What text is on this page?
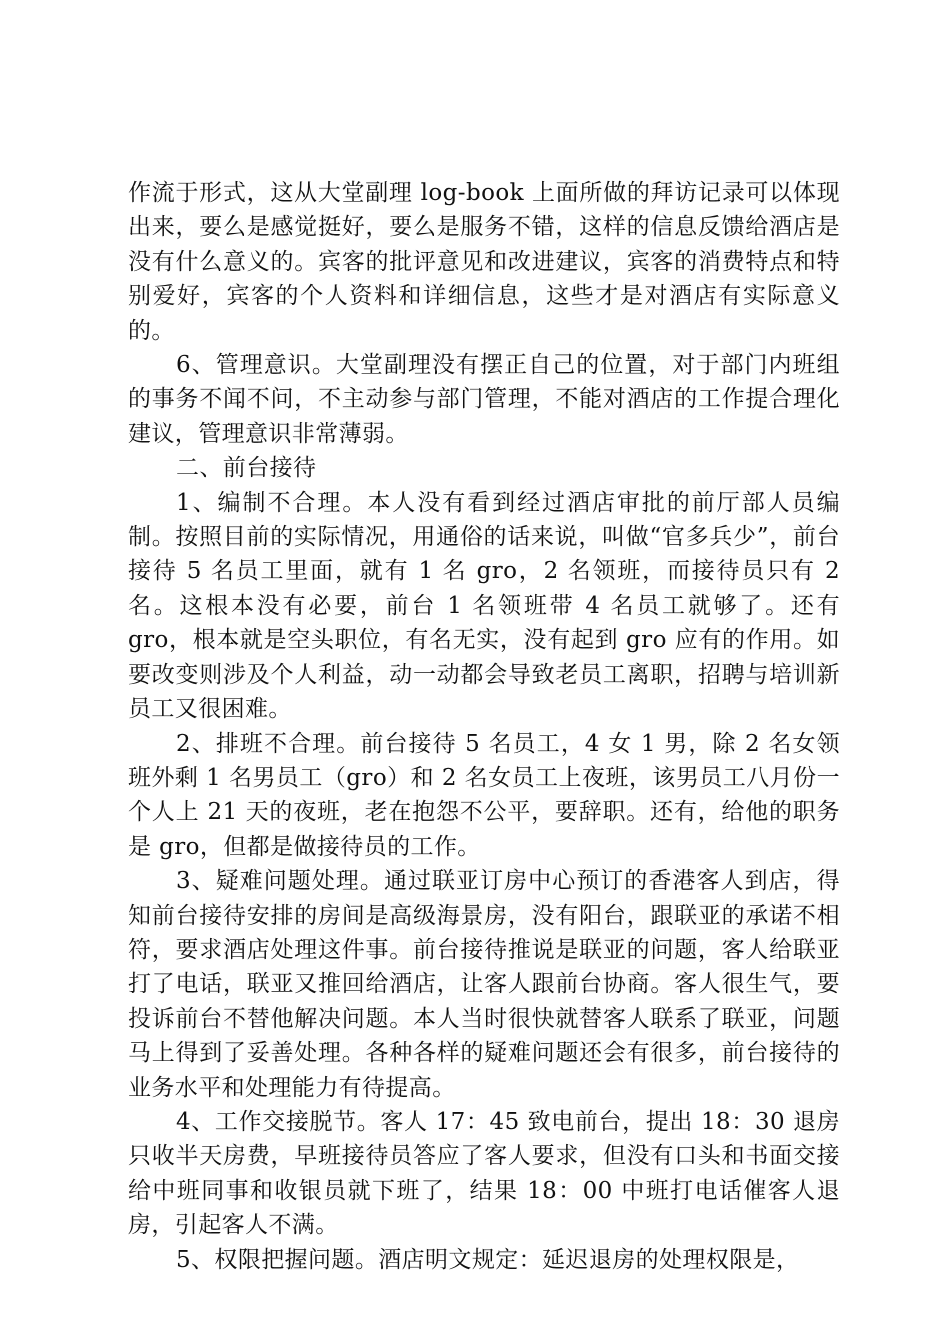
作流于形式，这从大堂副理 log-book 上面所做的拜访记录可以体现出来，要么是感觉挺好，要么是服务不错，这样的信息反馈给酒店是没有什么意义的。宾客的批评意见和改进建议，宾客的消费特点和特别爱好，宾客的个人资料和详细信息，这些才是对酒店有实际意义的。

6、管理意识。大堂副理没有摆正自己的位置，对于部门内班组的事务不闻不问，不主动参与部门管理，不能对酒店的工作提合理化建议，管理意识非常薄弱。

二、前台接待

1、编制不合理。本人没有看到经过酒店审批的前厅部人员编制。按照目前的实际情况，用通俗的话来说，叫做“官多兵少”，前台接待 5 名员工里面，就有 1 名 gro，2 名领班，而接待员只有 2 名。这根本没有必要，前台 1 名领班带 4 名员工就够了。还有 gro，根本就是空头职位，有名无实，没有起到 gro 应有的作用。如要改变则涉及个人利益，动一动都会导致老员工离职，招聘与培训新员工又很困难。

2、排班不合理。前台接待 5 名员工，4 女 1 男，除 2 名女领班外剩 1 名男员工（gro）和 2 名女员工上夜班，该男员工八月份一个人上 21 天的夜班，老在抱怨不公平，要辞职。还有，给他的职务是 gro，但都是做接待员的工作。

3、疑难问题处理。通过联亚订房中心预订的香港客人到店，得知前台接待安排的房间是高级海景房，没有阳台，跟联亚的承诺不相符，要求酒店处理这件事。前台接待推说是联亚的问题，客人给联亚打了电话，联亚又推回给酒店，让客人跟前台协商。客人很生气，要投诉前台不替他解决问题。本人当时很快就替客人联系了联亚，问题马上得到了妥善处理。各种各样的疑难问题还会有很多，前台接待的业务水平和处理能力有待提高。

4、工作交接脱节。客人 17：45 致电前台，提出 18：30 退房只收半天房费，早班接待员答应了客人要求，但没有口头和书面交接给中班同事和收银员就下班了，结果 18：00 中班打电话催客人退房，引起客人不满。

5、权限把握问题。酒店明文规定：延迟退房的处理权限是，
